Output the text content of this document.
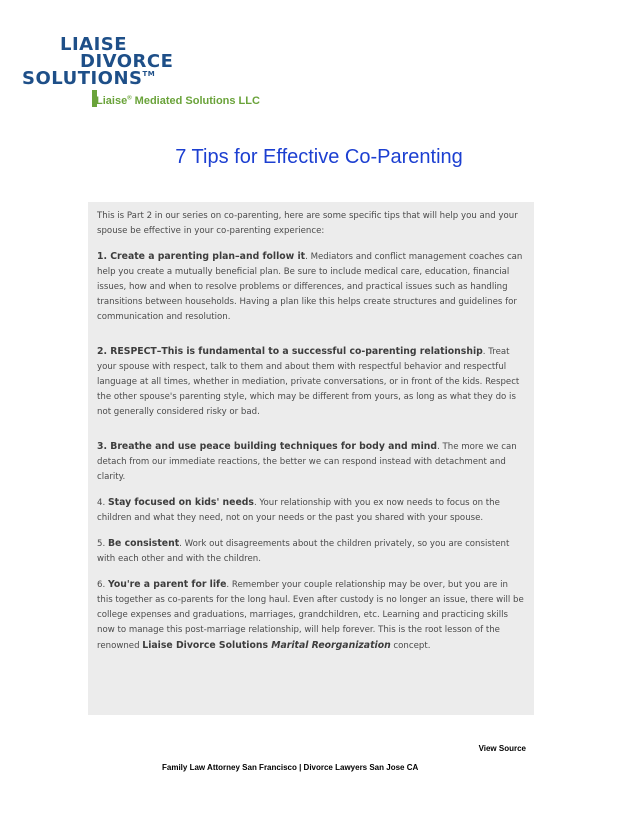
LIAISE
DIVORCE
SOLUTIONS™
Liaise® Mediated Solutions LLC
7 Tips for Effective Co-Parenting

This is Part 2 in our series on co-parenting, here are some specific tips that will help you and your spouse be effective in your co-parenting experience:

1. Create a parenting plan–and follow it. Mediators and conflict management coaches can help you create a mutually beneficial plan. Be sure to include medical care, education, financial issues, how and when to resolve problems or differences, and practical issues such as handling transitions between households. Having a plan like this helps create structures and guidelines for communication and resolution.

2. RESPECT–This is fundamental to a successful co-parenting relationship. Treat your spouse with respect, talk to them and about them with respectful behavior and respectful language at all times, whether in mediation, private conversations, or in front of the kids. Respect the other spouse's parenting style, which may be different from yours, as long as what they do is not generally considered risky or bad.

3. Breathe and use peace building techniques for body and mind. The more we can detach from our immediate reactions, the better we can respond instead with detachment and clarity.

4. Stay focused on kids' needs. Your relationship with you ex now needs to focus on the children and what they need, not on your needs or the past you shared with your spouse.

5. Be consistent. Work out disagreements about the children privately, so you are consistent with each other and with the children.

6. You're a parent for life. Remember your couple relationship may be over, but you are in this together as co-parents for the long haul. Even after custody is no longer an issue, there will be college expenses and graduations, marriages, grandchildren, etc. Learning and practicing skills now to manage this post-marriage relationship, will help forever. This is the root lesson of the renowned Liaise Divorce Solutions Marital Reorganization concept.

View Source
Family Law Attorney San Francisco | Divorce Lawyers San Jose CA
